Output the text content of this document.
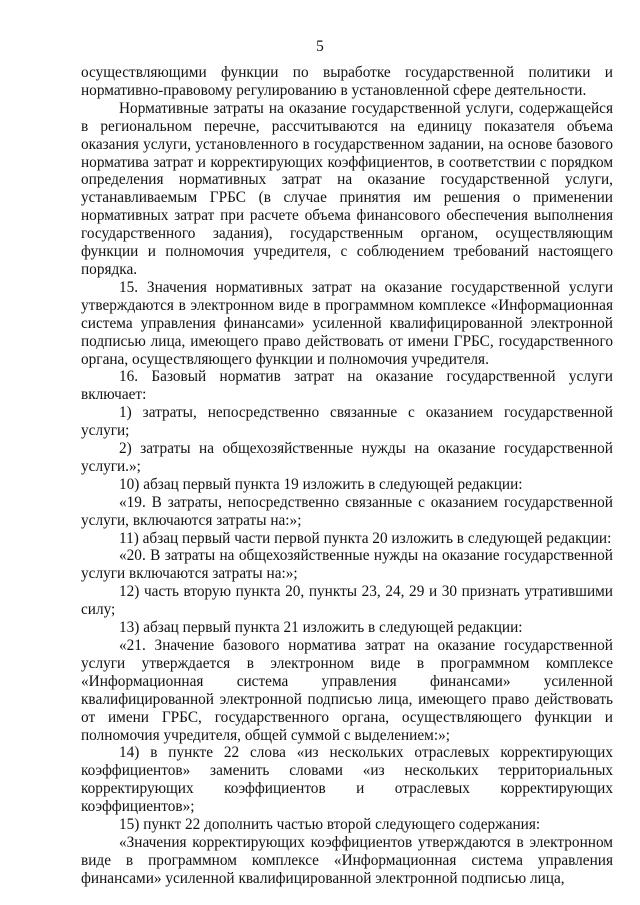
5

осуществляющими функции по выработке государственной политики и нормативно-правовому регулированию в установленной сфере деятельности.

Нормативные затраты на оказание государственной услуги, содержащейся в региональном перечне, рассчитываются на единицу показателя объема оказания услуги, установленного в государственном задании, на основе базового норматива затрат и корректирующих коэффициентов, в соответствии с порядком определения нормативных затрат на оказание государственной услуги, устанавливаемым ГРБС (в случае принятия им решения о применении нормативных затрат при расчете объема финансового обеспечения выполнения государственного задания), государственным органом, осуществляющим функции и полномочия учредителя, с соблюдением требований настоящего порядка.

15. Значения нормативных затрат на оказание государственной услуги утверждаются в электронном виде в программном комплексе «Информационная система управления финансами» усиленной квалифицированной электронной подписью лица, имеющего право действовать от имени ГРБС, государственного органа, осуществляющего функции и полномочия учредителя.

16. Базовый норматив затрат на оказание государственной услуги включает:

1) затраты, непосредственно связанные с оказанием государственной услуги;

2) затраты на общехозяйственные нужды на оказание государственной услуги.»;

10) абзац первый пункта 19 изложить в следующей редакции:

«19. В затраты, непосредственно связанные с оказанием государственной услуги, включаются затраты на:»;

11) абзац первый части первой пункта 20 изложить в следующей редакции:

«20. В затраты на общехозяйственные нужды на оказание государственной услуги включаются затраты на:»;

12) часть вторую пункта 20, пункты 23, 24, 29 и 30 признать утратившими силу;

13) абзац первый пункта 21 изложить в следующей редакции:

«21. Значение базового норматива затрат на оказание государственной услуги утверждается в электронном виде в программном комплексе «Информационная система управления финансами» усиленной квалифицированной электронной подписью лица, имеющего право действовать от имени ГРБС, государственного органа, осуществляющего функции и полномочия учредителя, общей суммой с выделением:»;

14) в пункте 22 слова «из нескольких отраслевых корректирующих коэффициентов» заменить словами «из нескольких территориальных корректирующих коэффициентов и отраслевых корректирующих коэффициентов»;

15) пункт 22 дополнить частью второй следующего содержания:

«Значения корректирующих коэффициентов утверждаются в электронном виде в программном комплексе «Информационная система управления финансами» усиленной квалифицированной электронной подписью лица,
